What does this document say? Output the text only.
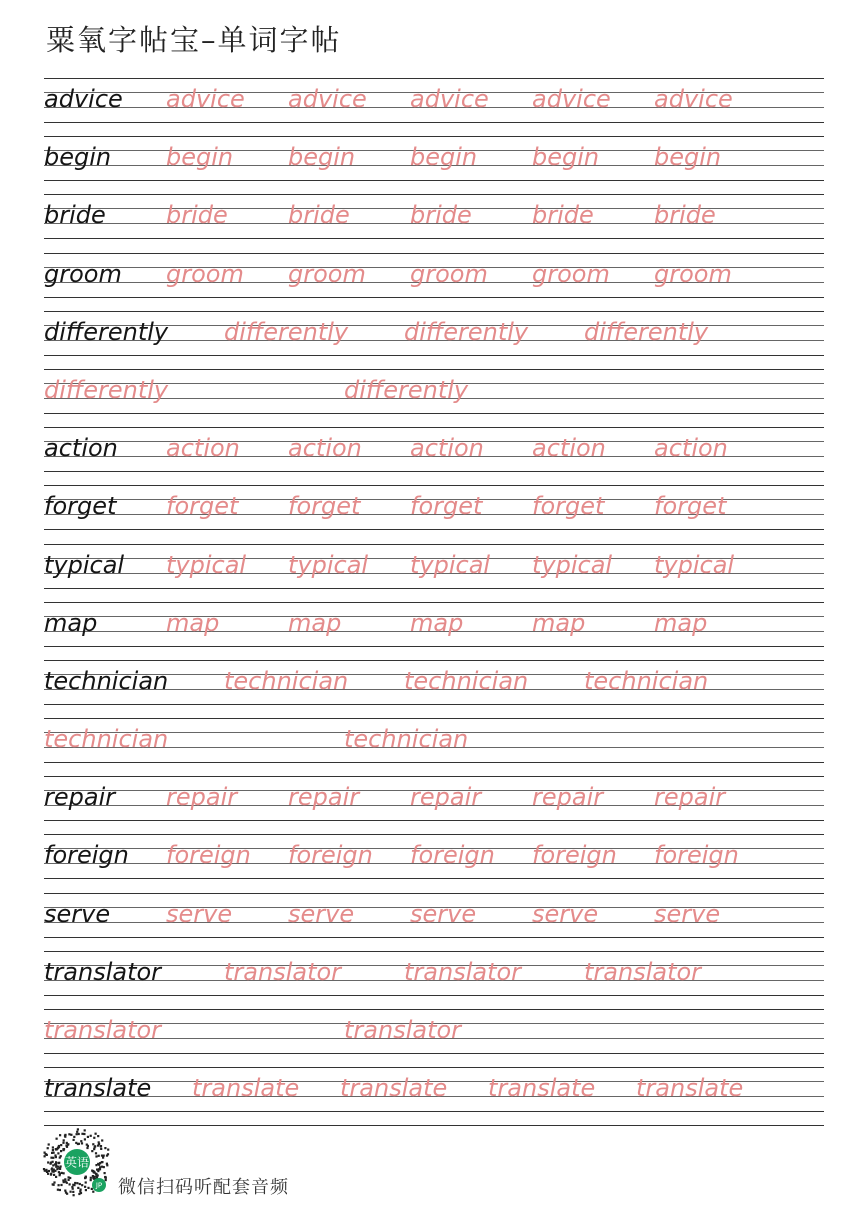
粟氧字帖宝–单词字帖
advice advice advice advice advice advice
begin begin begin begin begin begin
bride	bride	bride	bride	bride	bride
groom groom groom groom groom groom
differently differently differently differently
differently	differently
action action action action action action
forget forget forget forget forget forget
typical typical typical typical typical typical
map	map	map	map	map	map
technician technician technician technician
technician	technician
repair repair repair repair repair repair
foreign foreign foreign foreign foreign foreign
serve serve serve serve serve serve
translator	translator	translator	translator
translator	translator
translate translate translate translate translate
英语
JP 微信扫码听配套音频
